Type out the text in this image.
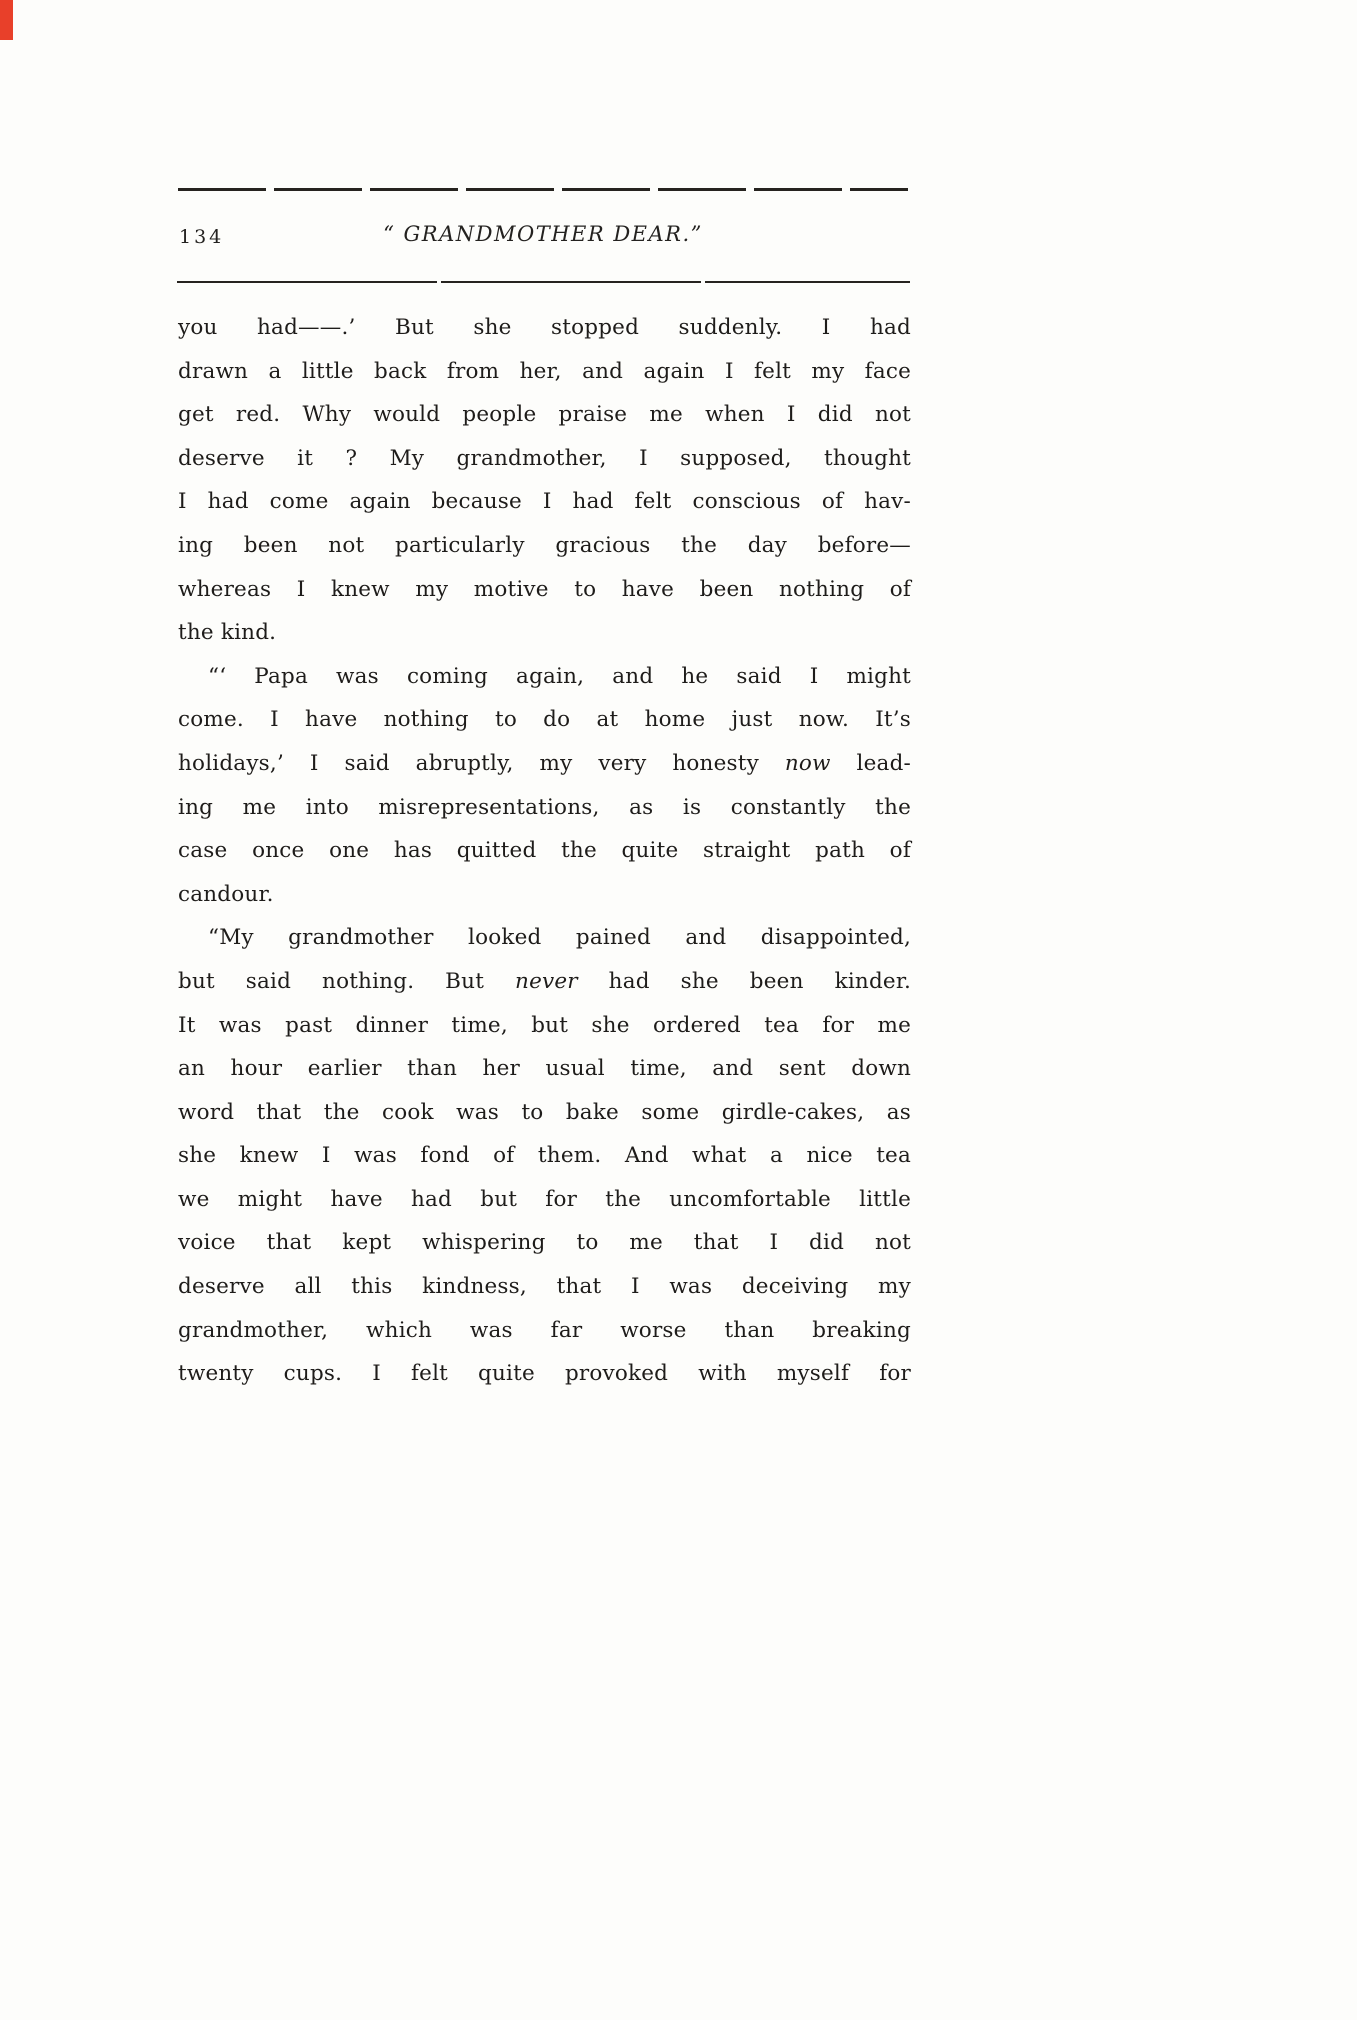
134	“ GRANDMOTHER DEAR.”
you had——.’ But she stopped suddenly. I had
drawn a little back from her, and again I felt my face
get red. Why would people praise me when I did not
deserve it ? My grandmother, I supposed, thought
I had come again because I had felt conscious of hav-
ing been not particularly gracious the day before—
whereas I knew my motive to have been nothing of
the kind.
“‘ Papa was coming again, and he said I might
come. I have nothing to do at home just now. It’s
holidays,’ I said abruptly, my very honesty now lead-
ing me into misrepresentations, as is constantly the
case once one has quitted the quite straight path of
candour.
“My grandmother looked pained and disappointed,
but said nothing. But never had she been kinder.
It was past dinner time, but she ordered tea for me
an hour earlier than her usual time, and sent down
word that the cook was to bake some girdle-cakes, as
she knew I was fond of them. And what a nice tea
we might have had but for the uncomfortable little
voice that kept whispering to me that I did not
deserve all this kindness, that I was deceiving my
grandmother, which was far worse than breaking
twenty cups. I felt quite provoked with myself for
